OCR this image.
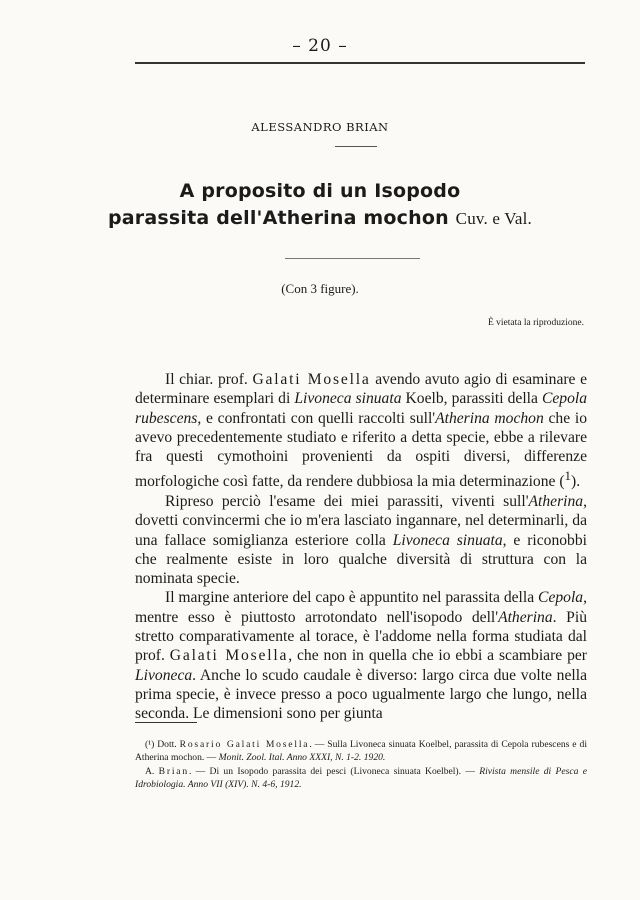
– 20 –
ALESSANDRO BRIAN
A proposito di un Isopodo
parassita dell'Atherina mochon Cuv. e Val.
(Con 3 figure).
È vietata la riproduzione.

Il chiar. prof. Galati Mosella avendo avuto agio di esaminare e determinare esemplari di Livoneca sinuata Koelb, parassiti della Cepola rubescens, e confrontati con quelli raccolti sull'Atherina mochon che io avevo precedentemente studiato e riferito a detta specie, ebbe a rilevare fra questi cymothoini provenienti da ospiti diversi, differenze morfologiche così fatte, da rendere dubbiosa la mia determinazione ($^1$).

Ripreso perciò l'esame dei miei parassiti, viventi sull'Atherina, dovetti convincermi che io m'era lasciato ingannare, nel determinarli, da una fallace somiglianza esteriore colla Livoneca sinuata, e riconobbi che realmente esiste in loro qualche diversità di struttura con la nominata specie.

Il margine anteriore del capo è appuntito nel parassita della Cepola, mentre esso è piuttosto arrotondato nell'isopodo dell'Atherina. Più stretto comparativamente al torace, è l'addome nella forma studiata dal prof. Galati Mosella, che non in quella che io ebbi a scambiare per Livoneca. Anche lo scudo caudale è diverso: largo circa due volte nella prima specie, è invece presso a poco ugualmente largo che lungo, nella seconda. Le dimensioni sono per giunta

(¹) Dott. Rosario Galati Mosella. — Sulla Livoneca sinuata Koelbel, parassita di Cepola rubescens e di Atherina mochon. — Monit. Zool. Ital. Anno XXXI, N. 1-2. 1920.

A. Brian. — Di un Isopodo parassita dei pesci (Livoneca sinuata Koelbel). — Rivista mensile di Pesca e Idrobiologia. Anno VII (XIV). N. 4-6, 1912.
